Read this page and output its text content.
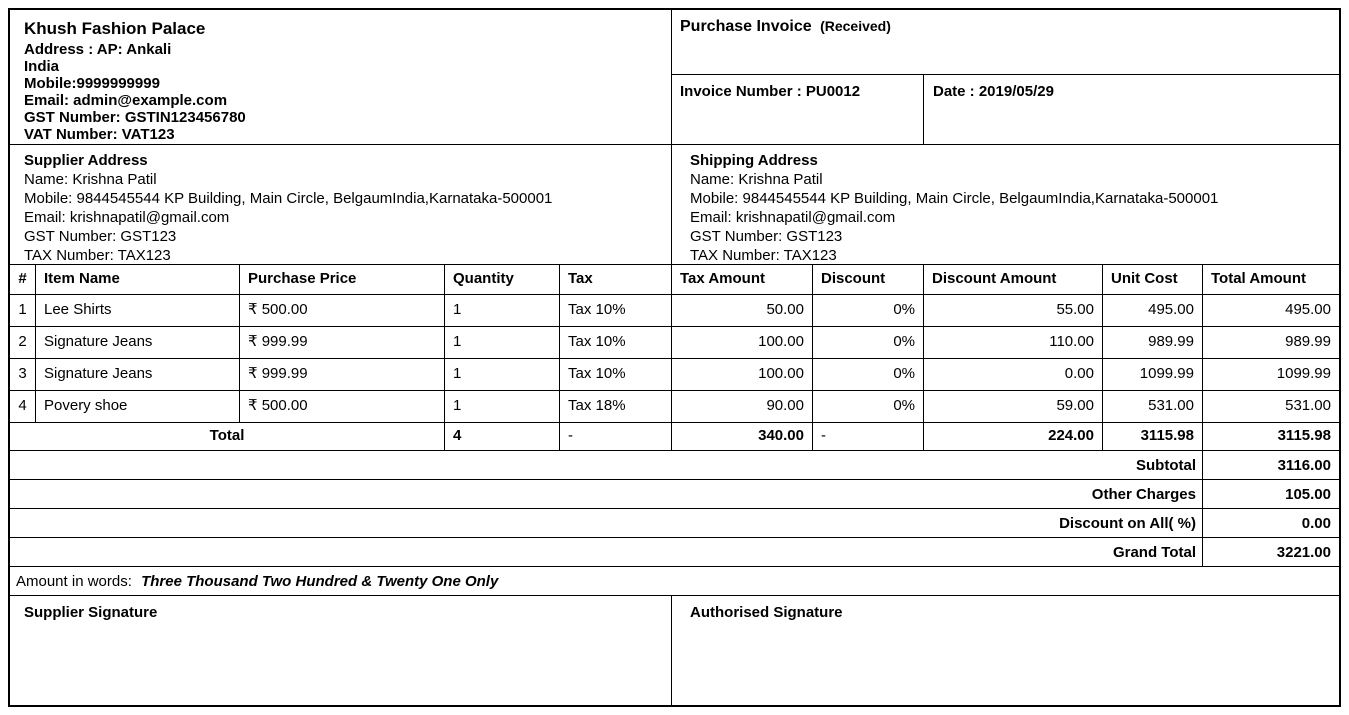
Khush Fashion Palace
Address : AP: Ankali
India
Mobile:9999999999
Email: admin@example.com
GST Number: GSTIN123456780
VAT Number: VAT123
Purchase Invoice (Received)
Invoice Number : PU0012	Date : 2019/05/29
Supplier Address
Name: Krishna Patil
Mobile: 9844545544 KP Building, Main Circle, BelgaumIndia,Karnataka-500001
Email: krishnapatil@gmail.com
GST Number: GST123
TAX Number: TAX123
Shipping Address
Name: Krishna Patil
Mobile: 9844545544 KP Building, Main Circle, BelgaumIndia,Karnataka-500001
Email: krishnapatil@gmail.com
GST Number: GST123
TAX Number: TAX123
#	Item Name	Purchase Price	Quantity	Tax	Tax Amount	Discount	Discount Amount	Unit Cost	Total Amount
1	Lee Shirts	₹ 500.00	1	Tax 10%	50.00	0%	55.00	495.00	495.00
2	Signature Jeans	₹ 999.99	1	Tax 10%	100.00	0%	110.00	989.99	989.99
3	Signature Jeans	₹ 999.99	1	Tax 10%	100.00	0%	0.00	1099.99	1099.99
4	Povery shoe	₹ 500.00	1	Tax 18%	90.00	0%	59.00	531.00	531.00
Total	4	-	340.00	-	224.00	3115.98	3115.98
Subtotal	3116.00
Other Charges	105.00
Discount on All( %)	0.00
Grand Total	3221.00
Amount in words: Three Thousand Two Hundred & Twenty One Only
Supplier Signature	Authorised Signature
